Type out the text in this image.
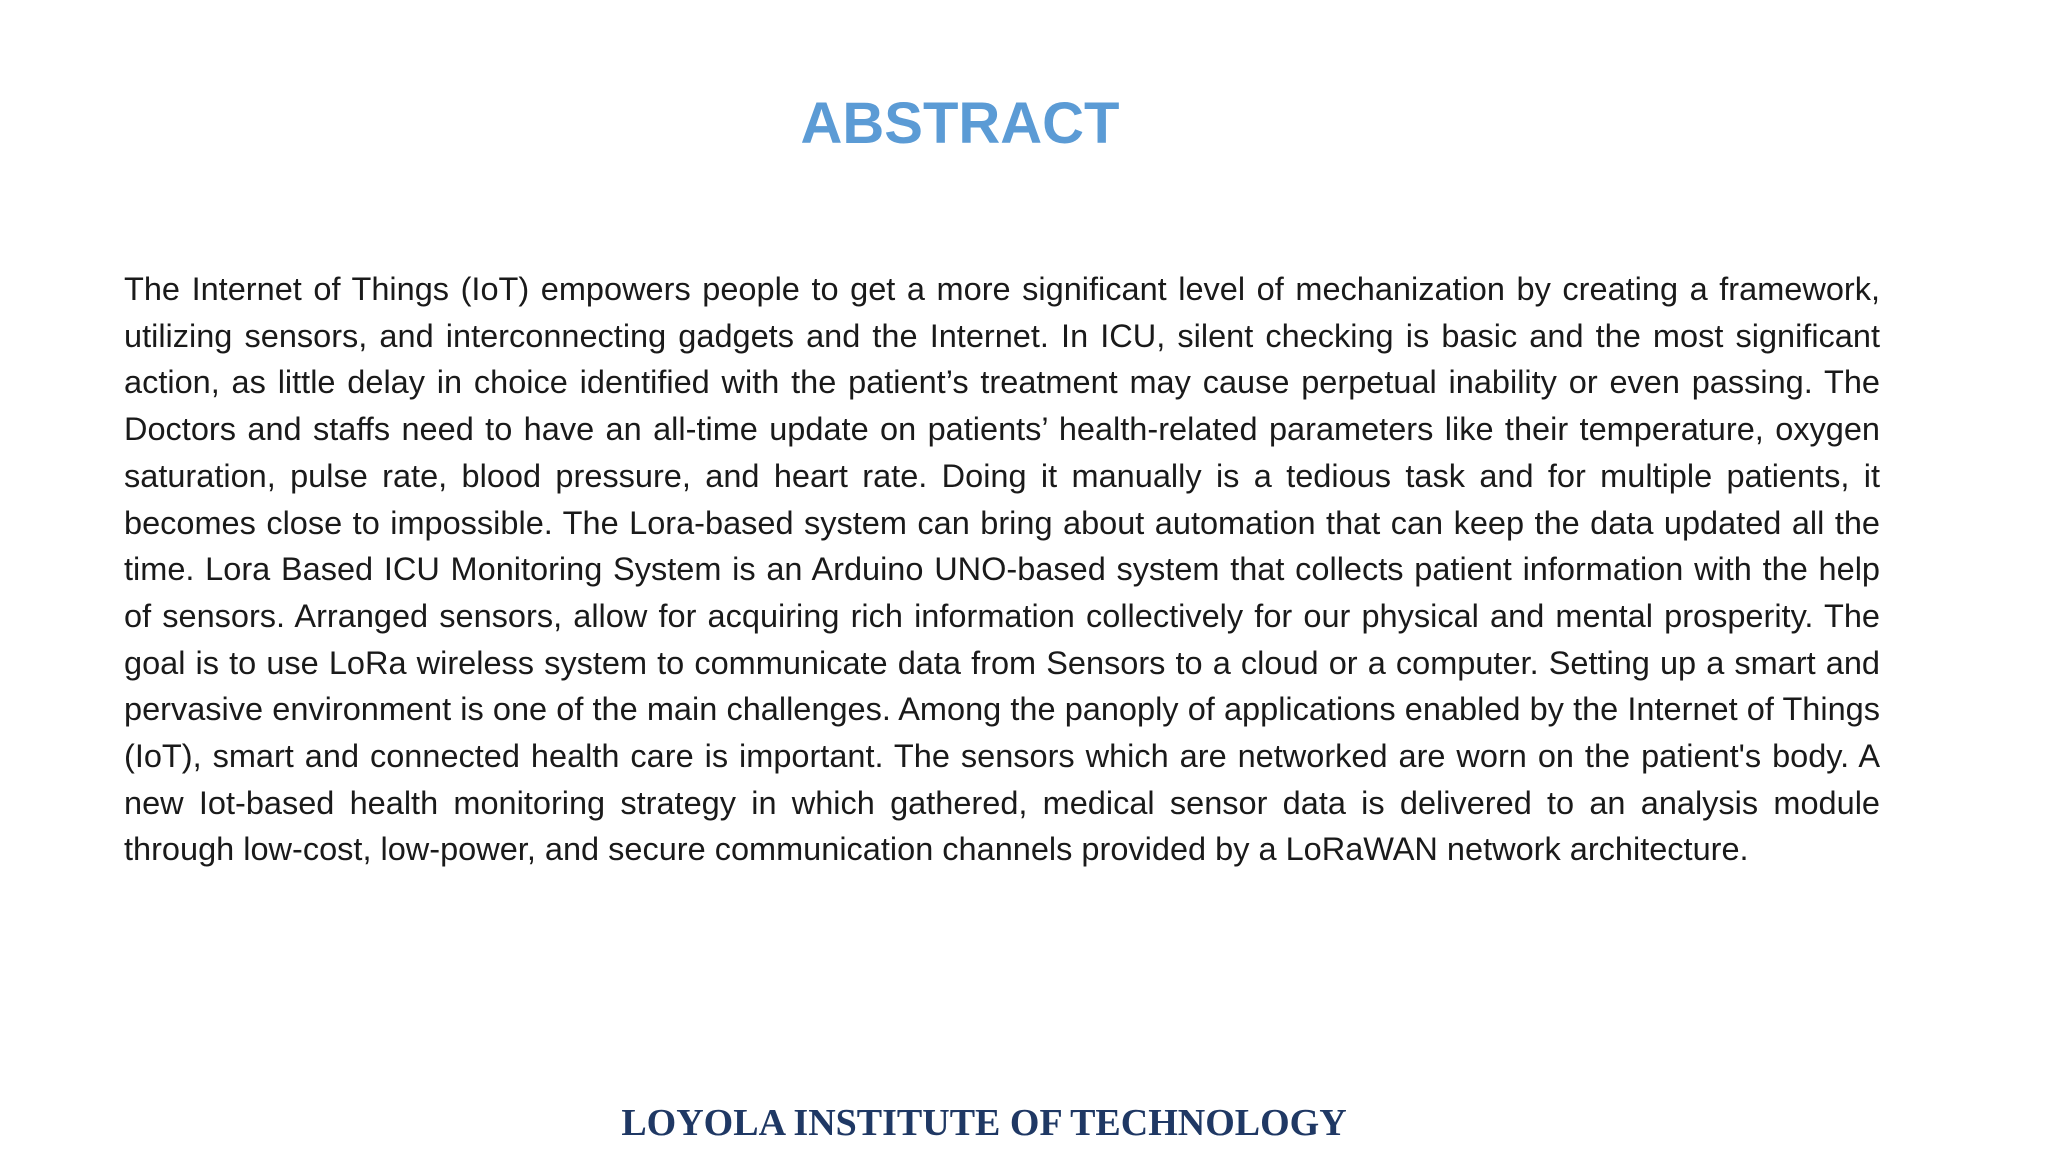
ABSTRACT

The Internet of Things (IoT) empowers people to get a more significant level of mechanization by creating a framework, utilizing sensors, and interconnecting gadgets and the Internet. In ICU, silent checking is basic and the most significant action, as little delay in choice identified with the patient’s treatment may cause perpetual inability or even passing. The Doctors and staffs need to have an all-time update on patients’ health-related parameters like their temperature, oxygen saturation, pulse rate, blood pressure, and heart rate. Doing it manually is a tedious task and for multiple patients, it becomes close to impossible. The Lora-based system can bring about automation that can keep the data updated all the time. Lora Based ICU Monitoring System is an Arduino UNO-based system that collects patient information with the help of sensors. Arranged sensors, allow for acquiring rich information collectively for our physical and mental prosperity. The goal is to use LoRa wireless system to communicate data from Sensors to a cloud or a computer. Setting up a smart and pervasive environment is one of the main challenges. Among the panoply of applications enabled by the Internet of Things (IoT), smart and connected health care is important. The sensors which are networked are worn on the patient's body. A new Iot-based health monitoring strategy in which gathered, medical sensor data is delivered to an analysis module through low-cost, low-power, and secure communication channels provided by a LoRaWAN network architecture.

LOYOLA INSTITUTE OF TECHNOLOGY
